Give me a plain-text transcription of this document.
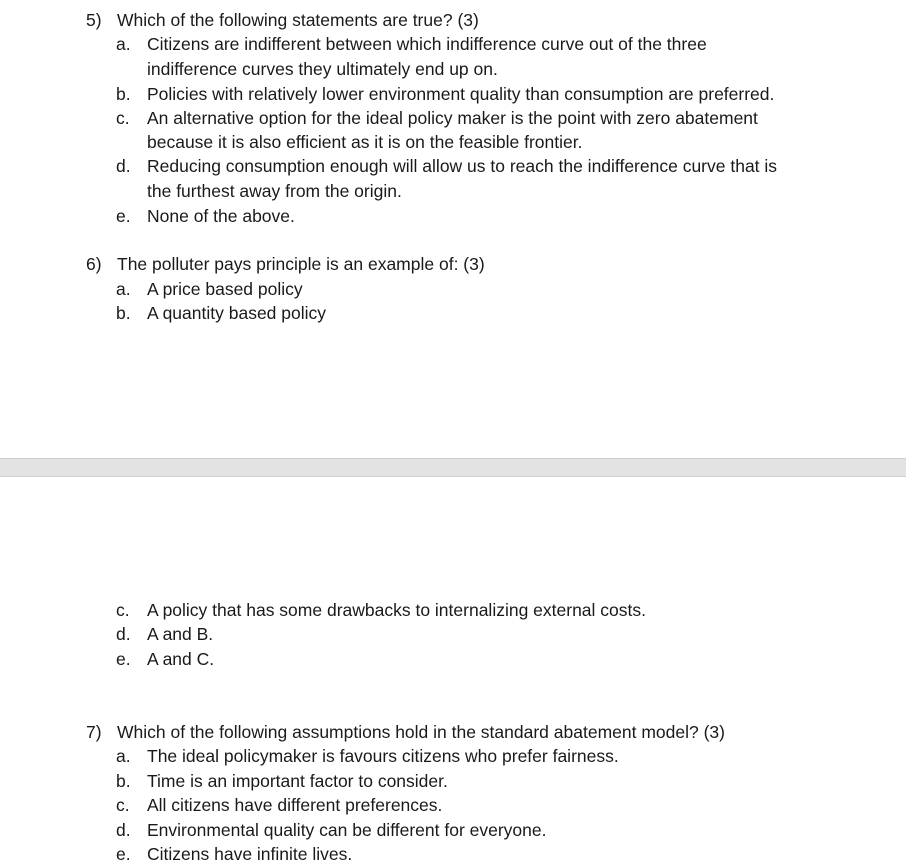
5) Which of the following statements are true? (3)
a. Citizens are indifferent between which indifference curve out of the three
indifference curves they ultimately end up on.
b. Policies with relatively lower environment quality than consumption are preferred.
c. An alternative option for the ideal policy maker is the point with zero abatement
because it is also efficient as it is on the feasible frontier.
d. Reducing consumption enough will allow us to reach the indifference curve that is
the furthest away from the origin.
e. None of the above.
6) The polluter pays principle is an example of: (3)
a. A price based policy
b. A quantity based policy
c. A policy that has some drawbacks to internalizing external costs.
d. A and B.
e. A and C.
7) Which of the following assumptions hold in the standard abatement model? (3)
a. The ideal policymaker is favours citizens who prefer fairness.
b. Time is an important factor to consider.
c. All citizens have different preferences.
d. Environmental quality can be different for everyone.
e. Citizens have infinite lives.
